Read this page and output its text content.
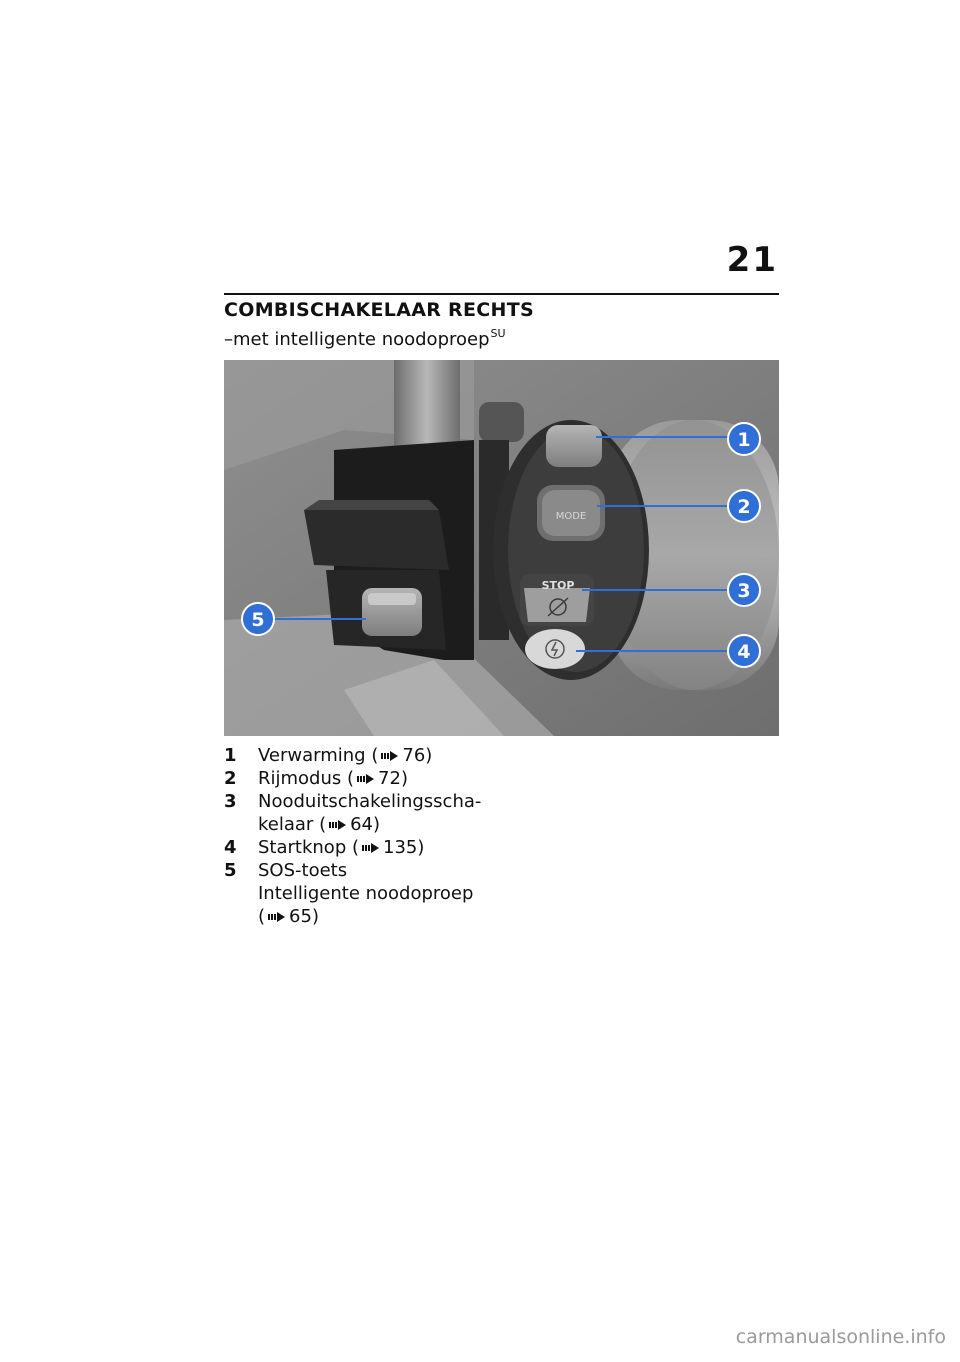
21
COMBISCHAKELAAR RECHTS
–met intelligente noodoproep$^{SU}$
MODE
STOP
1
2
3
4
5
1	Verwarming ( 76)
2	Rijmodus ( 72)
3	Nooduitschakelingsscha-
kelaar ( 64)
4	Startknop ( 135)
5	SOS-toets
Intelligente noodoproep
( 65)
carmanualsonline.info
